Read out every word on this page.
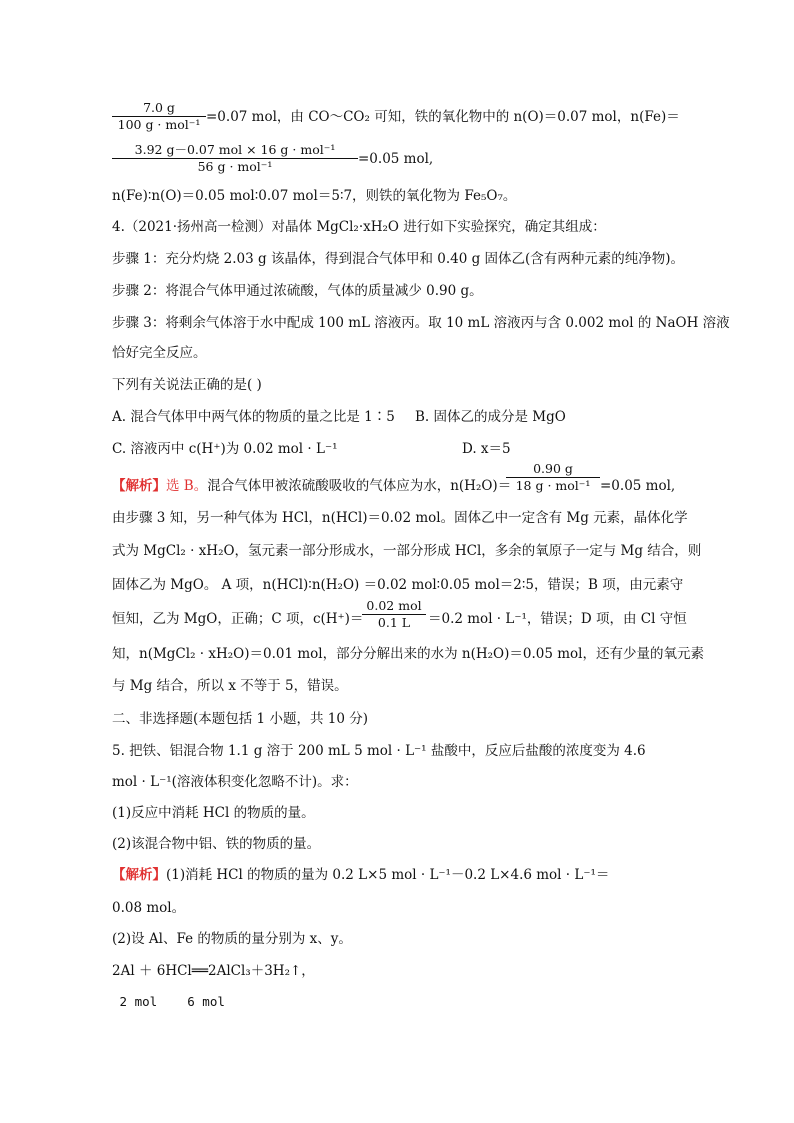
7.0 g
100 g · mol⁻¹ =0.07 mol，由 CO～CO₂ 可知，铁的氧化物中的 n(O)＝0.07 mol，n(Fe)＝
3.92 g－0.07 mol × 16 g · mol⁻¹
56 g · mol⁻¹	=0.05 mol,
n(Fe)∶n(O)＝0.05 mol∶0.07 mol＝5∶7，则铁的氧化物为 Fe₅O₇。
4.（2021·扬州高一检测）对晶体 MgCl₂·xH₂O 进行如下实验探究，确定其组成：
步骤 1：充分灼烧 2.03 g 该晶体，得到混合气体甲和 0.40 g 固体乙(含有两种元素的纯净物)。
步骤 2：将混合气体甲通过浓硫酸，气体的质量减少 0.90 g。
步骤 3：将剩余气体溶于水中配成 100 mL 溶液丙。取 10 mL 溶液丙与含 0.002 mol 的 NaOH 溶液
恰好完全反应。
下列有关说法正确的是( )
A. 混合气体甲中两气体的物质的量之比是 1∶5 B. 固体乙的成分是 MgO
C. 溶液丙中 c(H⁺)为 0.02 mol · L⁻¹	D. x＝5
【解析】选 B。混合气体甲被浓硫酸吸收的气体应为水，n(H₂O)＝
0.90 g
18 g · mol⁻¹ =0.05 mol,
由步骤 3 知，另一种气体为 HCl，n(HCl)＝0.02 mol。固体乙中一定含有 Mg 元素，晶体化学
式为 MgCl₂ · xH₂O，氢元素一部分形成水，一部分形成 HCl，多余的氧原子一定与 Mg 结合，则
固体乙为 MgO。 A 项，n(HCl)∶n(H₂O) ＝0.02 mol∶0.05 mol＝2∶5，错误；B 项，由元素守
恒知，乙为 MgO，正确；C 项，c(H⁺)＝
0.02 mol
0.1 L	＝0.2 mol · L⁻¹，错误；D 项，由 Cl 守恒
知，n(MgCl₂ · xH₂O)＝0.01 mol，部分分解出来的水为 n(H₂O)＝0.05 mol，还有少量的氧元素
与 Mg 结合，所以 x 不等于 5，错误。
二、非选择题(本题包括 1 小题，共 10 分)
5. 把铁、铝混合物 1.1 g 溶于 200 mL 5 mol · L⁻¹ 盐酸中，反应后盐酸的浓度变为 4.6
mol · L⁻¹(溶液体积变化忽略不计)。求：
(1)反应中消耗 HCl 的物质的量。
(2)该混合物中铝、铁的物质的量。
【解析】(1)消耗 HCl 的物质的量为 0.2 L×5 mol · L⁻¹－0.2 L×4.6 mol · L⁻¹＝
0.08 mol。
(2)设 Al、Fe 的物质的量分别为 x、y。
2Al ＋ 6HCl══2AlCl₃＋3H₂↑，
2 mol    6 mol
